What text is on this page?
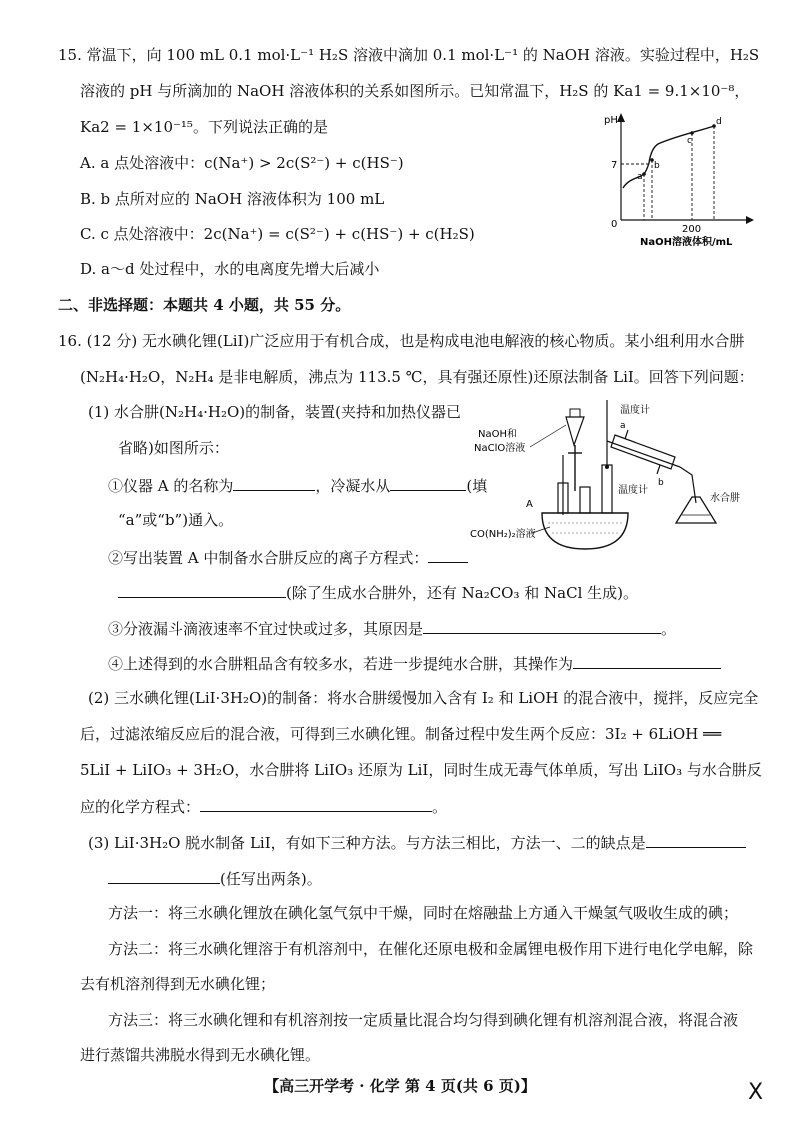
15. 常温下，向 100 mL 0.1 mol·L⁻¹ H₂S 溶液中滴加 0.1 mol·L⁻¹ 的 NaOH 溶液。实验过程中，H₂S
溶液的 pH 与所滴加的 NaOH 溶液体积的关系如图所示。已知常温下，H₂S 的 Ka1 = 9.1×10⁻⁸，
Ka2 = 1×10⁻¹⁵。下列说法正确的是
A. a 点处溶液中：c(Na⁺) > 2c(S²⁻) + c(HS⁻)
B. b 点所对应的 NaOH 溶液体积为 100 mL
C. c 点处溶液中：2c(Na⁺) = c(S²⁻) + c(HS⁻) + c(H₂S)
D. a～d 处过程中，水的电离度先增大后减小
pH
0
7
a
b
c
d
200
NaOH溶液体积/mL
二、非选择题：本题共 4 小题，共 55 分。
16. (12 分) 无水碘化锂(LiI)广泛应用于有机合成，也是构成电池电解液的核心物质。某小组利用水合肼
(N₂H₄·H₂O，N₂H₄ 是非电解质，沸点为 113.5 ℃，具有强还原性)还原法制备 LiI。回答下列问题：
(1) 水合肼(N₂H₄·H₂O)的制备，装置(夹持和加热仪器已
省略)如图所示：
①仪器 A 的名称为	，冷凝水从	(填
“a”或“b”)通入。
②写出装置 A 中制备水合肼反应的离子方程式：
(除了生成水合肼外，还有 Na₂CO₃ 和 NaCl 生成)。
③分液漏斗滴液速率不宜过快或过多，其原因是	。
④上述得到的水合肼粗品含有较多水，若进一步提纯水合肼，其操作为
a
b
水合肼
温度计
温度计
NaOH和
NaClO溶液
A
CO(NH₂)₂溶液
(2) 三水碘化锂(LiI·3H₂O)的制备：将水合肼缓慢加入含有 I₂ 和 LiOH 的混合液中，搅拌，反应完全
后，过滤浓缩反应后的混合液，可得到三水碘化锂。制备过程中发生两个反应：3I₂ + 6LiOH ══
5LiI + LiIO₃ + 3H₂O，水合肼将 LiIO₃ 还原为 LiI，同时生成无毒气体单质，写出 LiIO₃ 与水合肼反
应的化学方程式：	。
(3) LiI·3H₂O 脱水制备 LiI，有如下三种方法。与方法三相比，方法一、二的缺点是
(任写出两条)。
方法一：将三水碘化锂放在碘化氢气氛中干燥，同时在熔融盐上方通入干燥氢气吸收生成的碘；
方法二：将三水碘化锂溶于有机溶剂中，在催化还原电极和金属锂电极作用下进行电化学电解，除
去有机溶剂得到无水碘化锂；
方法三：将三水碘化锂和有机溶剂按一定质量比混合均匀得到碘化锂有机溶剂混合液，将混合液
进行蒸馏共沸脱水得到无水碘化锂。
【高三开学考 · 化学 第 4 页(共 6 页)】	X
